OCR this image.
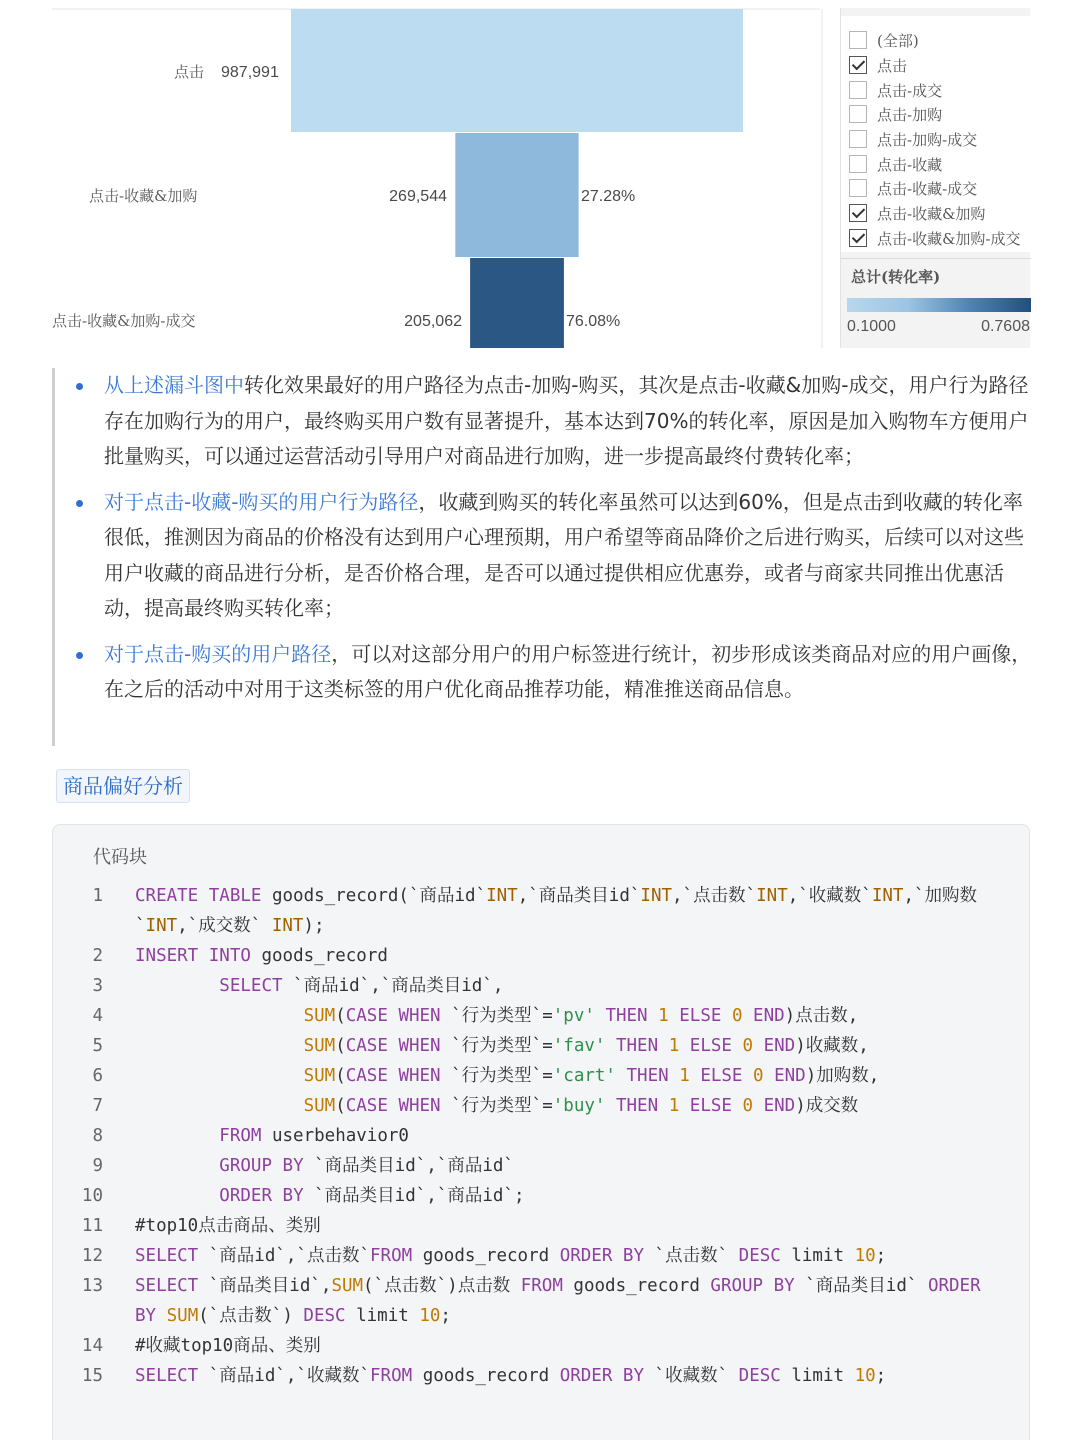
点击 987,991
点击-收藏&加购	269,544	27.28%
点击-收藏&加购-成交	205,062	76.08%
(全部)
点击
点击-成交
点击-加购
点击-加购-成交
点击-收藏
点击-收藏-成交
点击-收藏&加购
点击-收藏&加购-成交
总计(转化率)
0.1000	0.7608
从上述漏斗图中转化效果最好的用户路径为点击-加购-购买，其次是点击-收藏&加购-成交，用户行为路径存在加购行为的用户，最终购买用户数有显著提升，基本达到70%的转化率，原因是加入购物车方便用户批量购买，可以通过运营活动引导用户对商品进行加购，进一步提高最终付费转化率；
对于点击-收藏-购买的用户行为路径，收藏到购买的转化率虽然可以达到60%，但是点击到收藏的转化率很低，推测因为商品的价格没有达到用户心理预期，用户希望等商品降价之后进行购买，后续可以对这些用户收藏的商品进行分析，是否价格合理，是否可以通过提供相应优惠券，或者与商家共同推出优惠活动，提高最终购买转化率；
对于点击-购买的用户路径，可以对这部分用户的用户标签进行统计，初步形成该类商品对应的用户画像，在之后的活动中对用于这类标签的用户优化商品推荐功能，精准推送商品信息。
商品偏好分析
代码块
1 CREATE TABLE goods_record(`商品id`INT,`商品类目id`INT,`点击数`INT,`收藏数`INT,`加购数`INT,`成交数` INT);
2 INSERT INTO goods_record
3	SELECT `商品id`,`商品类目id`,
4	SUM(CASE WHEN `行为类型`='pv' THEN 1 ELSE 0 END)点击数,
5	SUM(CASE WHEN `行为类型`='fav' THEN 1 ELSE 0 END)收藏数,
6	SUM(CASE WHEN `行为类型`='cart' THEN 1 ELSE 0 END)加购数,
7	SUM(CASE WHEN `行为类型`='buy' THEN 1 ELSE 0 END)成交数
8	FROM userbehavior0
9	GROUP BY `商品类目id`,`商品id`
10	ORDER BY `商品类目id`,`商品id`;
11 #top10点击商品、类别
12 SELECT `商品id`,`点击数`FROM goods_record ORDER BY `点击数` DESC limit 10;
13 SELECT `商品类目id`,SUM(`点击数`)点击数 FROM goods_record GROUP BY `商品类目id` ORDER BY SUM(`点击数`) DESC limit 10;
14 #收藏top10商品、类别
15 SELECT `商品id`,`收藏数`FROM goods_record ORDER BY `收藏数` DESC limit 10;
